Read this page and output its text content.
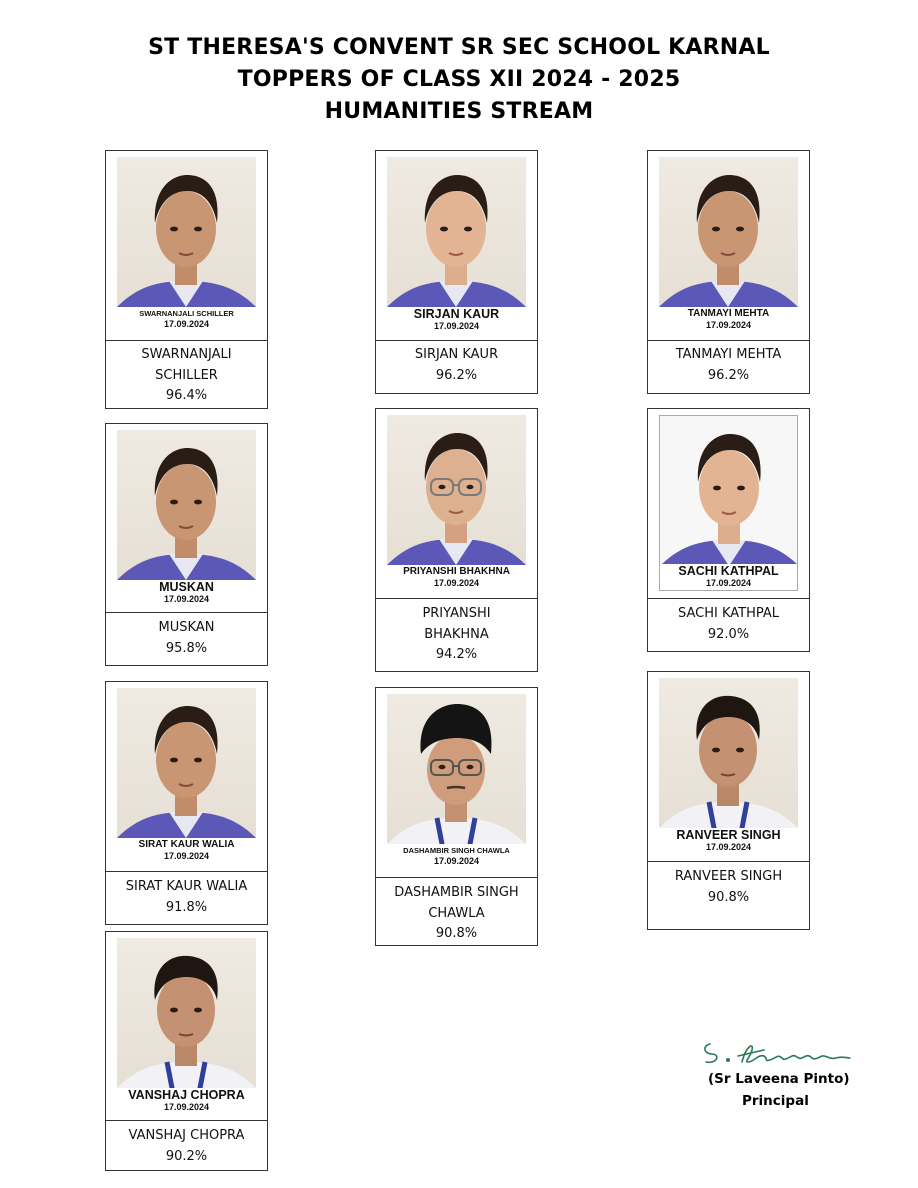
ST THERESA'S CONVENT SR SEC SCHOOL KARNAL
TOPPERS OF CLASS XII 2024 - 2025
HUMANITIES STREAM
SWARNANJALI SCHILLER
17.09.2024
SWARNANJALI
SCHILLER
96.4%
SIRJAN KAUR
17.09.2024
SIRJAN KAUR
96.2%
TANMAYI MEHTA
17.09.2024
TANMAYI MEHTA
96.2%
MUSKAN
17.09.2024
MUSKAN
95.8%
PRIYANSHI BHAKHNA
17.09.2024
PRIYANSHI
BHAKHNA
94.2%
SACHI KATHPAL
17.09.2024
SACHI KATHPAL
92.0%
SIRAT KAUR WALIA
17.09.2024
SIRAT KAUR WALIA
91.8%
DASHAMBIR SINGH CHAWLA
17.09.2024
DASHAMBIR SINGH
CHAWLA
90.8%
RANVEER SINGH
17.09.2024
RANVEER SINGH
90.8%
VANSHAJ CHOPRA
17.09.2024
VANSHAJ CHOPRA
90.2%
(Sr Laveena Pinto)
Principal
